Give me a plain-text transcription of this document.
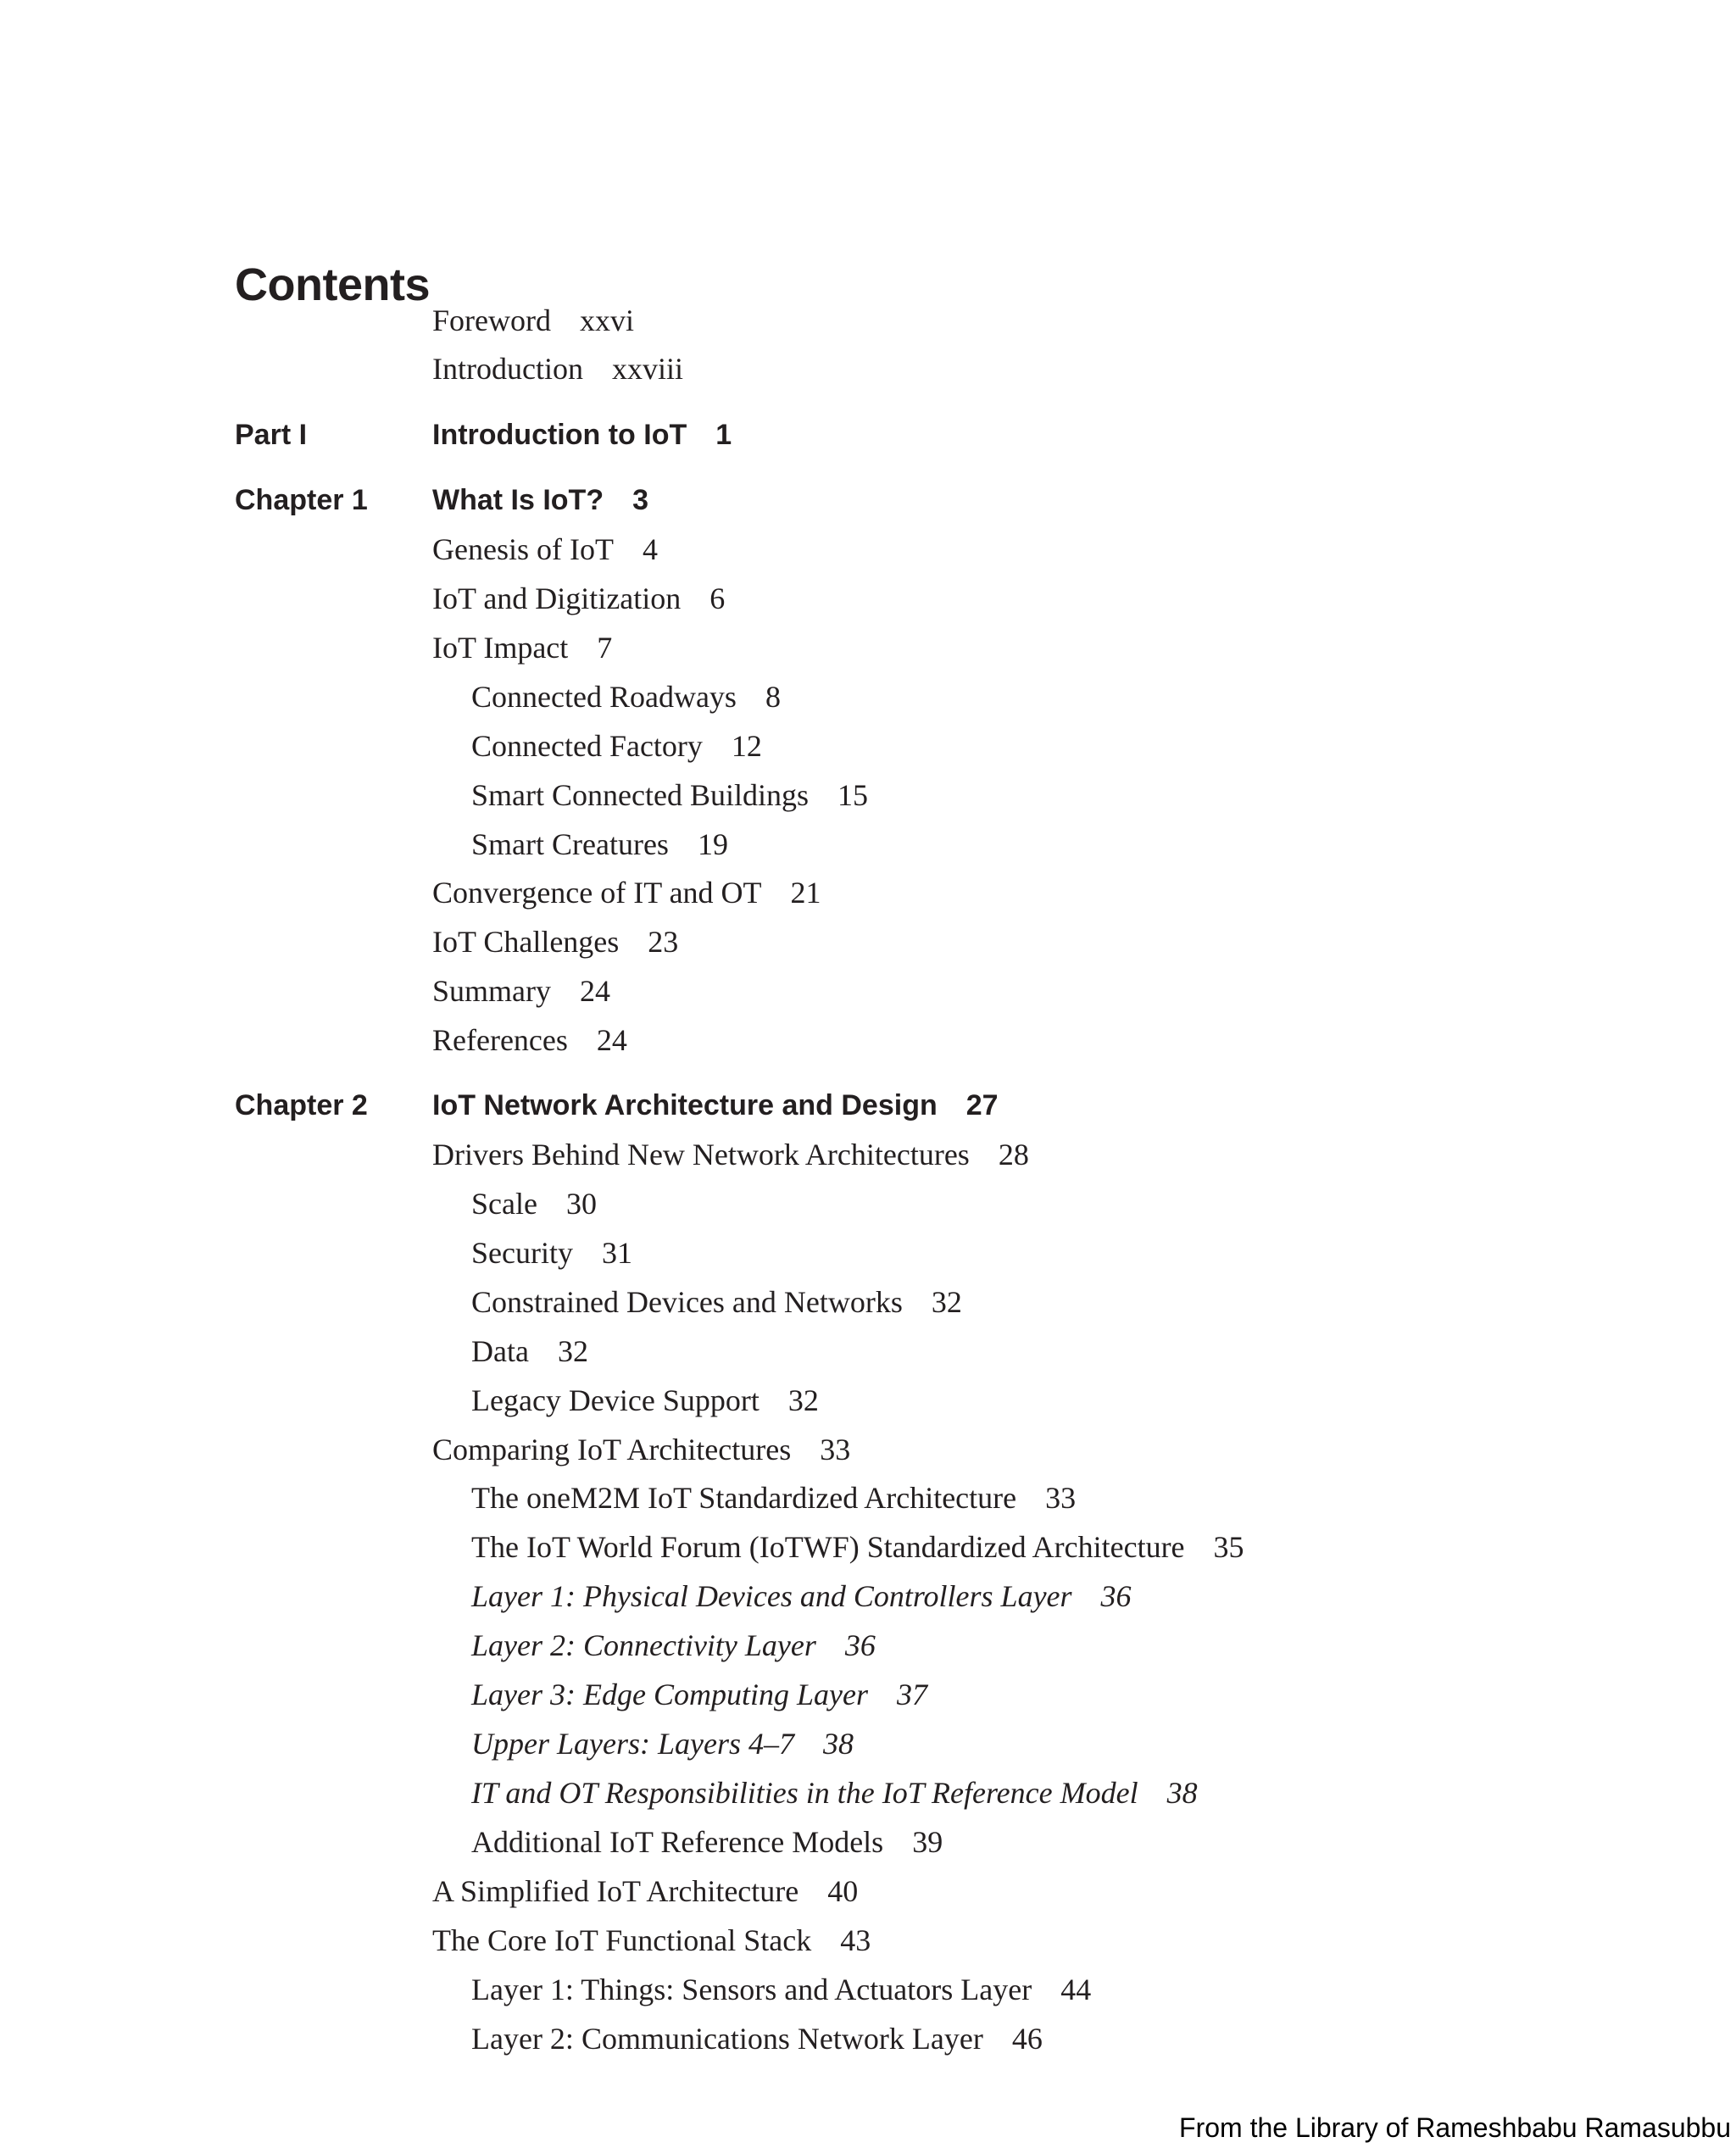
Contents
Foreword xxvi
Introduction xxviii
Part I	Introduction to IoT 1
Chapter 1 What Is IoT? 3
Genesis of IoT 4
IoT and Digitization 6
IoT Impact 7
Connected Roadways 8
Connected Factory 12
Smart Connected Buildings 15
Smart Creatures 19
Convergence of IT and OT 21
IoT Challenges 23
Summary 24
References 24
Chapter 2 IoT Network Architecture and Design 27
Drivers Behind New Network Architectures 28
Scale 30
Security 31
Constrained Devices and Networks 32
Data 32
Legacy Device Support 32
Comparing IoT Architectures 33
The oneM2M IoT Standardized Architecture 33
The IoT World Forum (IoTWF) Standardized Architecture 35
Layer 1: Physical Devices and Controllers Layer 36
Layer 2: Connectivity Layer 36
Layer 3: Edge Computing Layer 37
Upper Layers: Layers 4–7 38
IT and OT Responsibilities in the IoT Reference Model 38
Additional IoT Reference Models 39
A Simplified IoT Architecture 40
The Core IoT Functional Stack 43
Layer 1: Things: Sensors and Actuators Layer 44
Layer 2: Communications Network Layer 46
From the Library of Rameshbabu Ramasubbu
